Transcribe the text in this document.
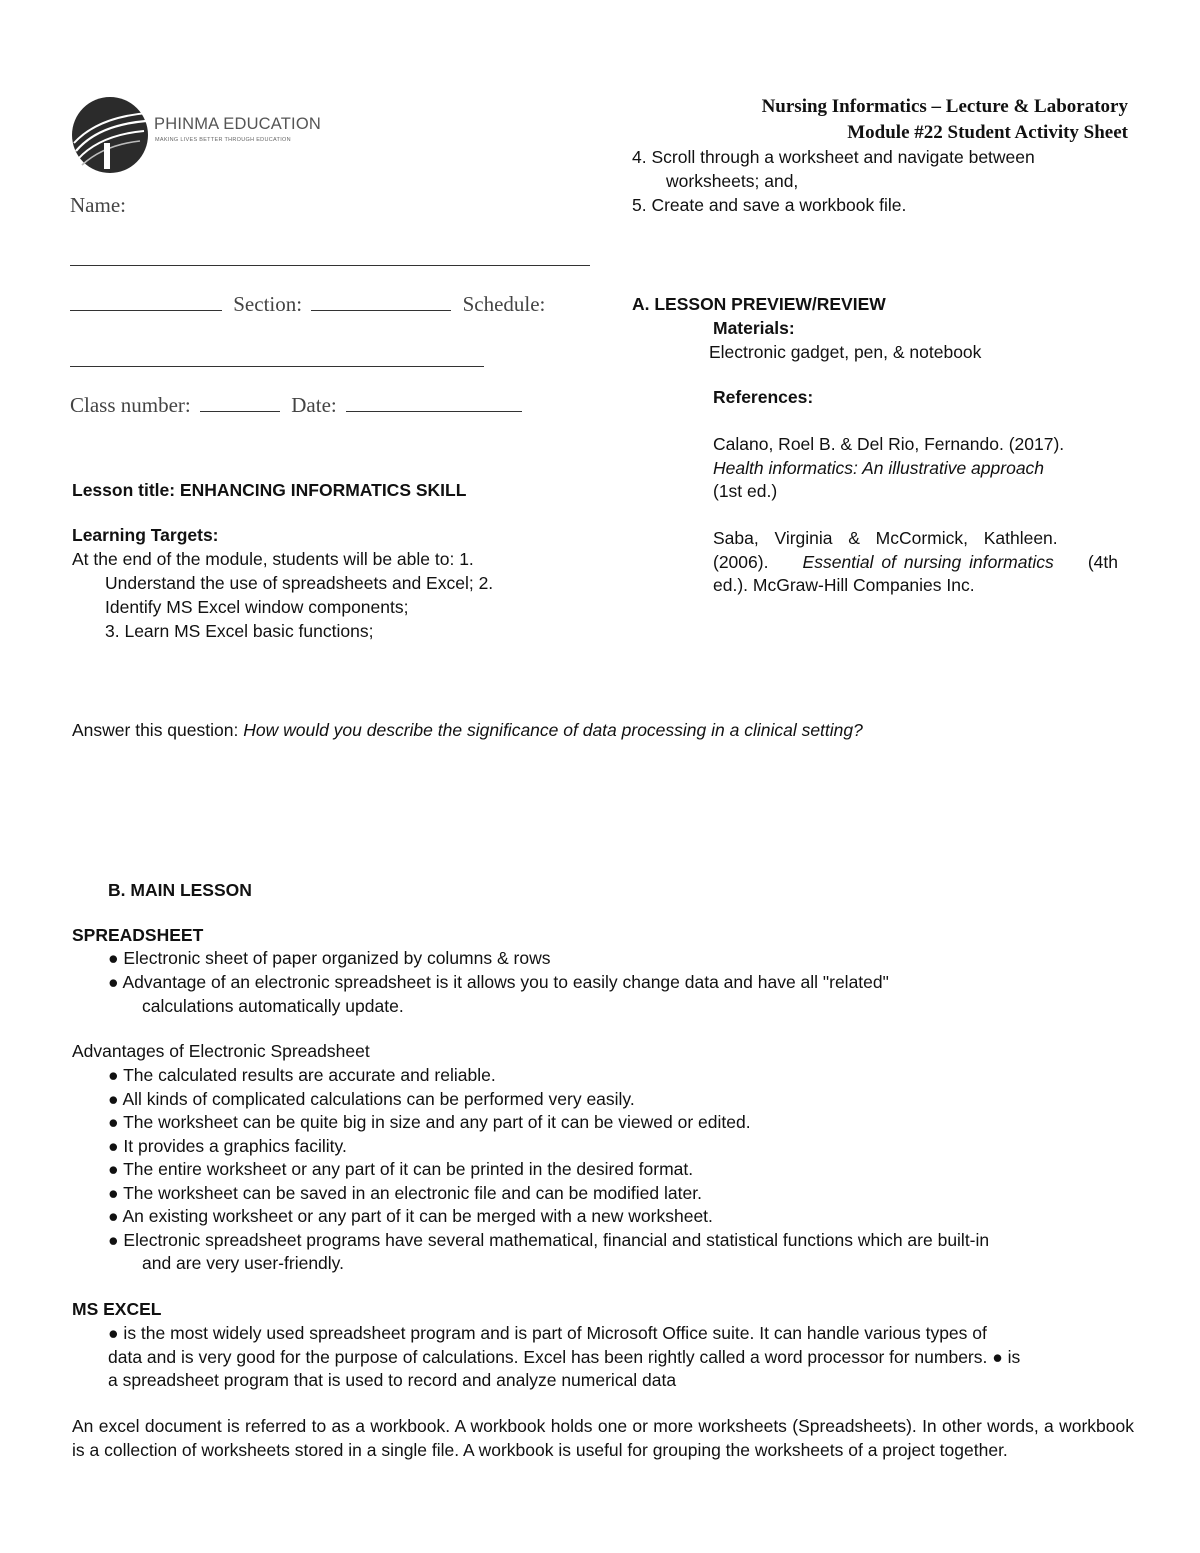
PHINMA EDUCATION
MAKING LIVES BETTER THROUGH EDUCATION
Nursing Informatics – Lecture & Laboratory
Module #22 Student Activity Sheet
Name:
Section:	Schedule:
Class number:	Date:
Lesson title: ENHANCING INFORMATICS SKILL
Learning Targets:
At the end of the module, students will be able to: 1.
Understand the use of spreadsheets and Excel; 2.
Identify MS Excel window components;
3. Learn MS Excel basic functions;
4. Scroll through a worksheet and navigate between
worksheets; and,
5. Create and save a workbook file.
A. LESSON PREVIEW/REVIEW
Materials:
Electronic gadget, pen, & notebook
References:
Calano, Roel B. & Del Rio, Fernando. (2017).
Health informatics: An illustrative approach
(1st ed.)
Saba,  Virginia  &  McCormick,  Kathleen.
(2006). Essential of nursing informatics (4th
ed.). McGraw-Hill Companies Inc.
Answer this question: How would you describe the significance of data processing in a clinical setting?
B. MAIN LESSON
SPREADSHEET
● Electronic sheet of paper organized by columns & rows
● Advantage of an electronic spreadsheet is it allows you to easily change data and have all "related"
calculations automatically update.
Advantages of Electronic Spreadsheet
● The calculated results are accurate and reliable.
● All kinds of complicated calculations can be performed very easily.
● The worksheet can be quite big in size and any part of it can be viewed or edited.
● It provides a graphics facility.
● The entire worksheet or any part of it can be printed in the desired format.
● The worksheet can be saved in an electronic file and can be modified later.
● An existing worksheet or any part of it can be merged with a new worksheet.
● Electronic spreadsheet programs have several mathematical, financial and statistical functions which are built-in
and are very user-friendly.
MS EXCEL
● is the most widely used spreadsheet program and is part of Microsoft Office suite. It can handle various types of
data and is very good for the purpose of calculations. Excel has been rightly called a word processor for numbers. ● is
a spreadsheet program that is used to record and analyze numerical data
An excel document is referred to as a workbook. A workbook holds one or more worksheets (Spreadsheets). In other words, a workbook is a collection of worksheets stored in a single file. A workbook is useful for grouping the worksheets of a project together.
